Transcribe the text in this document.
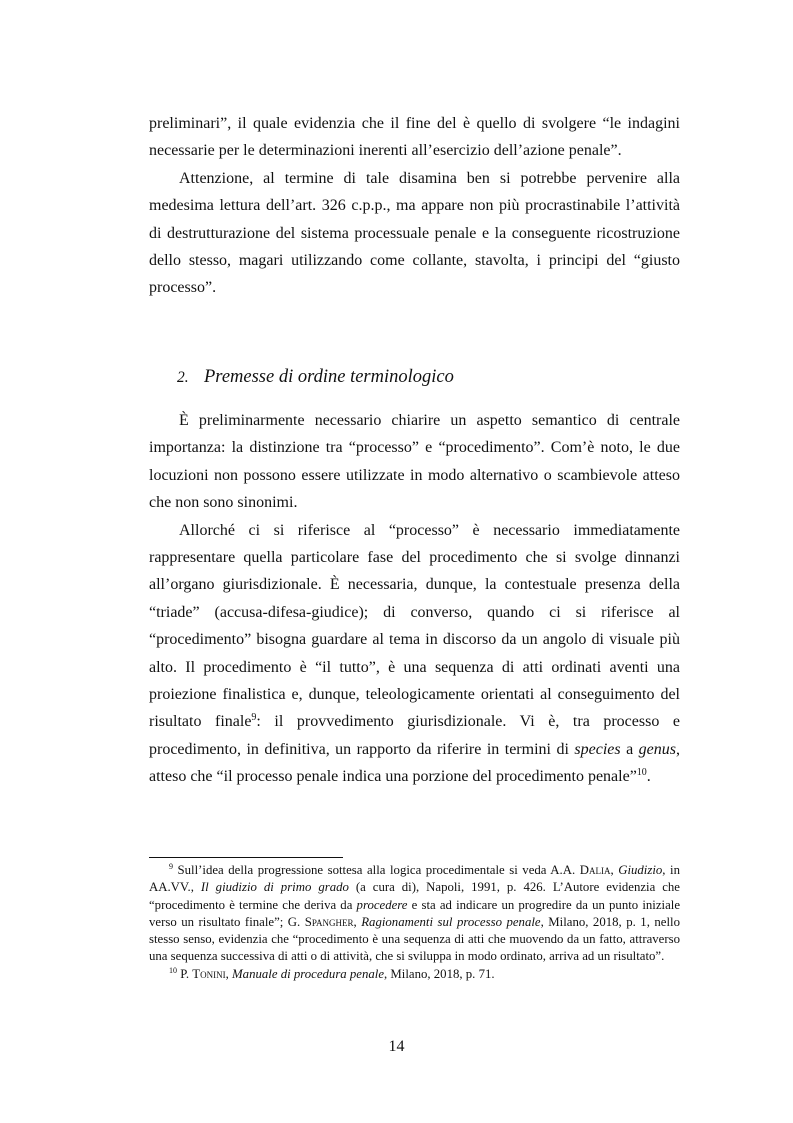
preliminari”, il quale evidenzia che il fine del è quello di svolgere “le indagini necessarie per le determinazioni inerenti all’esercizio dell’azione penale”.

Attenzione, al termine di tale disamina ben si potrebbe pervenire alla medesima lettura dell’art. 326 c.p.p., ma appare non più procrastinabile l’attività di destrutturazione del sistema processuale penale e la conseguente ricostruzione dello stesso, magari utilizzando come collante, stavolta, i principi del “giusto processo”.

2. Premesse di ordine terminologico

È preliminarmente necessario chiarire un aspetto semantico di centrale importanza: la distinzione tra “processo” e “procedimento”. Com’è noto, le due locuzioni non possono essere utilizzate in modo alternativo o scambievole atteso che non sono sinonimi.

Allorché ci si riferisce al “processo” è necessario immediatamente rappresentare quella particolare fase del procedimento che si svolge dinnanzi all’organo giurisdizionale. È necessaria, dunque, la contestuale presenza della “triade” (accusa-difesa-giudice); di converso, quando ci si riferisce al “procedimento” bisogna guardare al tema in discorso da un angolo di visuale più alto. Il procedimento è “il tutto”, è una sequenza di atti ordinati aventi una proiezione finalistica e, dunque, teleologicamente orientati al conseguimento del risultato finale$^9$: il provvedimento giurisdizionale. Vi è, tra processo e procedimento, in definitiva, un rapporto da riferire in termini di species a genus, atteso che “il processo penale indica una porzione del procedimento penale”$^{10}$.

$^9$ Sull’idea della progressione sottesa alla logica procedimentale si veda A.A. Dalia, Giudizio, in AA.VV., Il giudizio di primo grado (a cura di), Napoli, 1991, p. 426. L’Autore evidenzia che “procedimento è termine che deriva da procedere e sta ad indicare un progredire da un punto iniziale verso un risultato finale”; G. Spangher, Ragionamenti sul processo penale, Milano, 2018, p. 1, nello stesso senso, evidenzia che “procedimento è una sequenza di atti che muovendo da un fatto, attraverso una sequenza successiva di atti o di attività, che si sviluppa in modo ordinato, arriva ad un risultato”.

$^{10}$ P. Tonini, Manuale di procedura penale, Milano, 2018, p. 71.

14
